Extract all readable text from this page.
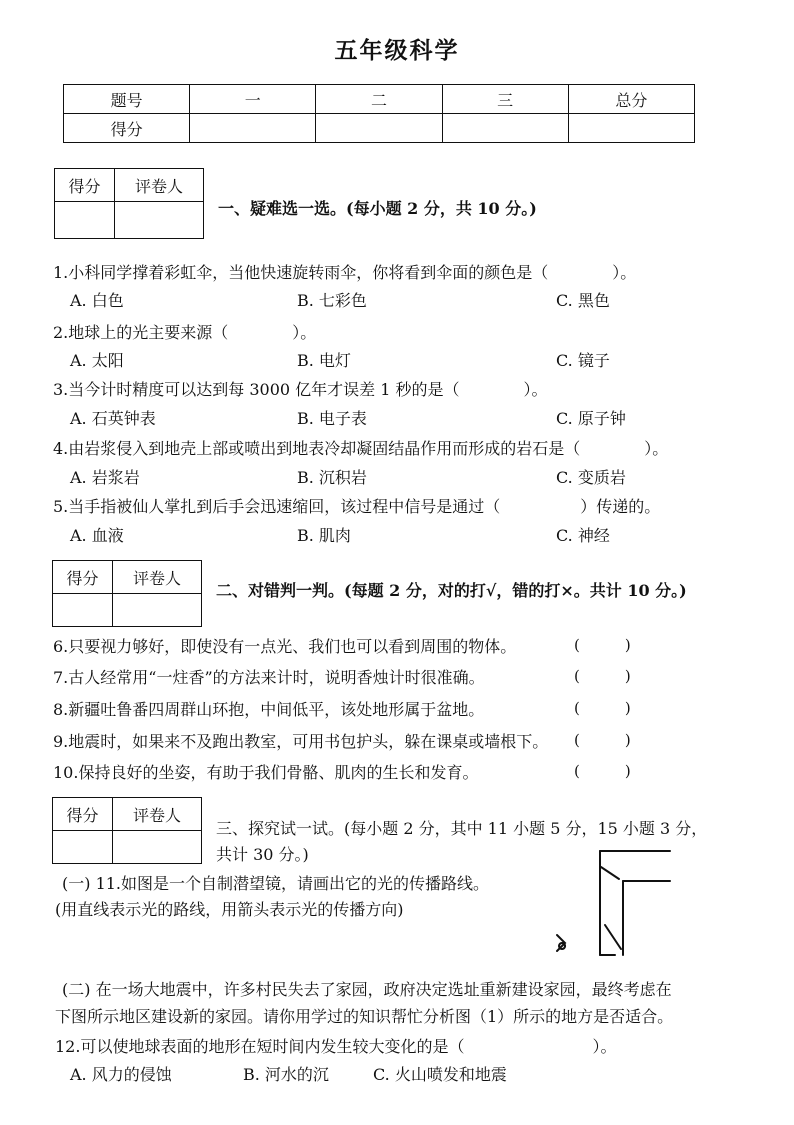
五年级科学
题号	一	二	三	总分
得分				
得分	评卷人

一、疑难选一选。(每小题 2 分，共 10 分。)
1.小科同学撑着彩虹伞，当他快速旋转雨伞，你将看到伞面的颜色是（　　　　）。
A. 白色	B. 七彩色	C. 黑色
2.地球上的光主要来源（　　　　）。
A. 太阳	B. 电灯	C. 镜子
3.当今计时精度可以达到每 3000 亿年才误差 1 秒的是（　　　　）。
A. 石英钟表	B. 电子表	C. 原子钟
4.由岩浆侵入到地壳上部或喷出到地表冷却凝固结晶作用而形成的岩石是（　　　　）。
A. 岩浆岩	B. 沉积岩	C. 变质岩
5.当手指被仙人掌扎到后手会迅速缩回，该过程中信号是通过（　　　　　）传递的。
A. 血液	B. 肌肉	C. 神经
得分	评卷人

二、对错判一判。(每题 2 分，对的打√，错的打×。共计 10 分。)
6.只要视力够好，即使没有一点光、我们也可以看到周围的物体。	(　　　)
7.古人经常用“一炷香”的方法来计时，说明香烛计时很准确。	(　　　)
8.新疆吐鲁番四周群山环抱，中间低平，该处地形属于盆地。	(　　　)
9.地震时，如果来不及跑出教室，可用书包护头，躲在课桌或墙根下。 (　　　)
10.保持良好的坐姿，有助于我们骨骼、肌肉的生长和发育。	(　　　)
得分	评卷人

三、探究试一试。(每小题 2 分，其中 11 小题 5 分，15 小题 3 分，
共计 30 分。)
(一) 11.如图是一个自制潜望镜，请画出它的光的传播路线。
(用直线表示光的路线，用箭头表示光的传播方向)
(二) 在一场大地震中，许多村民失去了家园，政府决定选址重新建设家园，最终考虑在
下图所示地区建设新的家园。请你用学过的知识帮忙分析图（1）所示的地方是否适合。
12.可以使地球表面的地形在短时间内发生较大变化的是（　　　　　　　　）。
A. 风力的侵蚀	B. 河水的沉	C. 火山喷发和地震
